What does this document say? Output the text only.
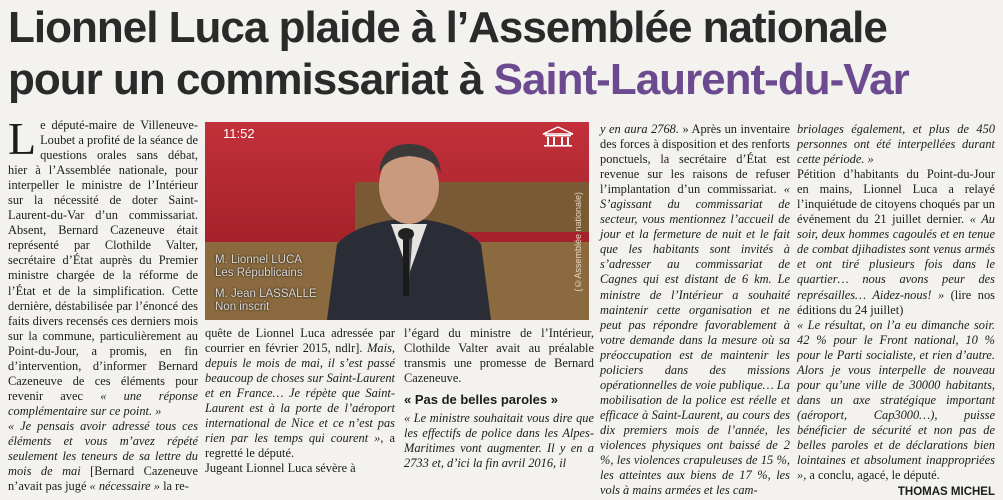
Lionnel Luca plaide à l’Assemblée nationale
pour un commissariat à Saint-Laurent-du-Var
L e député-maire de Villeneuve-Loubet a profité de la séance de questions orales sans débat, hier à l’Assemblée nationale, pour interpeller le ministre de l’Intérieur sur la nécessité de doter Saint-Laurent-du-Var d’un commissariat. Absent, Bernard Cazeneuve était représenté par Clothilde Valter, secrétaire d’État auprès du Premier ministre chargée de la réforme de l’État et de la simplification. Cette dernière, déstabilisée par l’énoncé des faits divers recensés ces derniers mois sur la commune, particulièrement au Point-du-Jour, a promis, en fin d’intervention, d’informer Bernard Cazeneuve de ces éléments pour revenir avec « une réponse complémentaire sur ce point. »

« Je pensais avoir adressé tous ces éléments et vous m’avez répété seulement les teneurs de sa lettre du mois de mai [Bernard Cazeneuve n’avait pas jugé « nécessaire » la re-

11:52
M. Lionnel LUCA
Les Républicains
M. Jean LASSALLE
Non inscrit
(©Assemblée nationale)

quête de Lionnel Luca adressée par courrier en février 2015, ndlr]. Mais, depuis le mois de mai, il s’est passé beaucoup de choses sur Saint-Laurent et en France… Je répète que Saint-Laurent est à la porte de l’aéroport international de Nice et ce n’est pas rien par les temps qui courent », a regretté le député.

Jugeant Lionnel Luca sévère à

l’égard du ministre de l’Intérieur, Clothilde Valter avait au préalable transmis une promesse de Bernard Cazeneuve.

« Pas de belles paroles »

« Le ministre souhaitait vous dire que les effectifs de police dans les Alpes-Maritimes vont augmenter. Il y en a 2733 et, d’ici la fin avril 2016, il

y en aura 2768. » Après un inventaire des forces à disposition et des renforts ponctuels, la secrétaire d’État est revenue sur les raisons de refuser l’implantation d’un commissariat. « S’agissant du commissariat de secteur, vous mentionnez l’accueil de jour et la fermeture de nuit et le fait que les habitants sont invités à s’adresser au commissariat de Cagnes qui est distant de 6 km. Le ministre de l’Intérieur a souhaité maintenir cette organisation et ne peut pas répondre favorablement à votre demande dans la mesure où sa préoccupation est de maintenir les policiers dans des missions opérationnelles de voie publique… La mobilisation de la police est réelle et efficace à Saint-Laurent, au cours des dix premiers mois de l’année, les violences physiques ont baissé de 2 %, les violences crapuleuses de 15 %, les atteintes aux biens de 17 %, les vols à mains armées et les cam-

briolages également, et plus de 450 personnes ont été interpellées durant cette période. »

Pétition d’habitants du Point-du-Jour en mains, Lionnel Luca a relayé l’inquiétude de citoyens choqués par un événement du 21 juillet dernier. « Au soir, deux hommes cagoulés et en tenue de combat djihadistes sont venus armés et ont tiré plusieurs fois dans le quartier… nous avons peur des représailles… Aidez-nous! » (lire nos éditions du 24 juillet)

« Le résultat, on l’a eu dimanche soir. 42 % pour le Front national, 10 % pour le Parti socialiste, et rien d’autre. Alors je vous interpelle de nouveau pour qu’une ville de 30000 habitants, dans un axe stratégique important (aéroport, Cap3000…), puisse bénéficier de sécurité et non pas de belles paroles et de déclarations bien lointaines et absolument inappropriées », a conclu, agacé, le député.

THOMAS MICHEL
